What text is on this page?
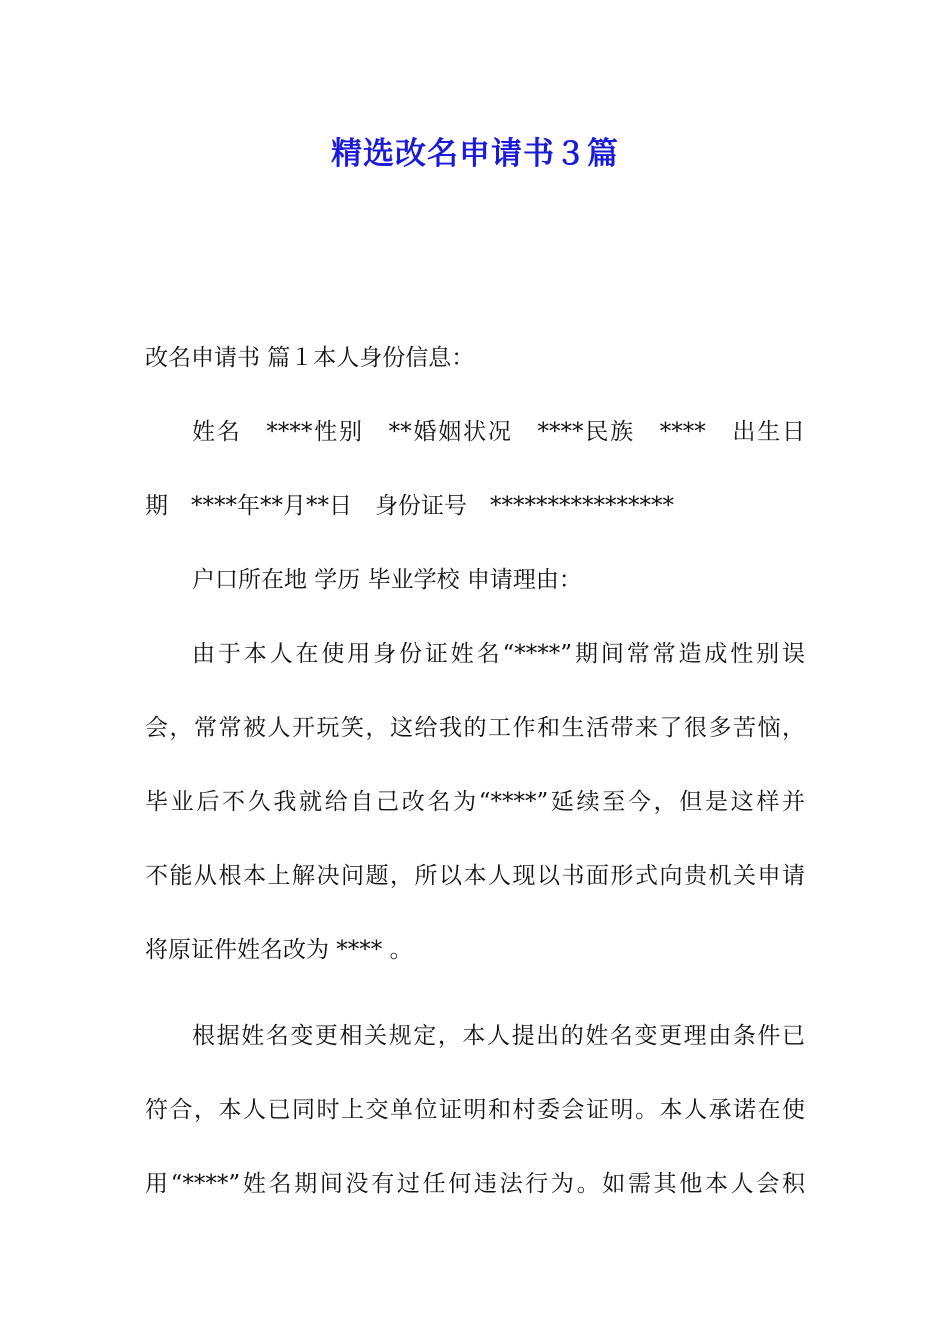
精选改名申请书３篇
改名申请书 篇１本人身份信息：
姓名　****性别　**婚姻状况　****民族　****　出生日
期　****年**月**日　身份证号　****************
户口所在地 学历 毕业学校 申请理由：
由于本人在使用身份证姓名“****”期间常常造成性别误
会，常常被人开玩笑，这给我的工作和生活带来了很多苦恼，
毕业后不久我就给自己改名为“****”延续至今，但是这样并
不能从根本上解决问题，所以本人现以书面形式向贵机关申请
将原证件姓名改为 **** 。
根据姓名变更相关规定，本人提出的姓名变更理由条件已
符合，本人已同时上交单位证明和村委会证明。本人承诺在使
用“****”姓名期间没有过任何违法行为。如需其他本人会积
